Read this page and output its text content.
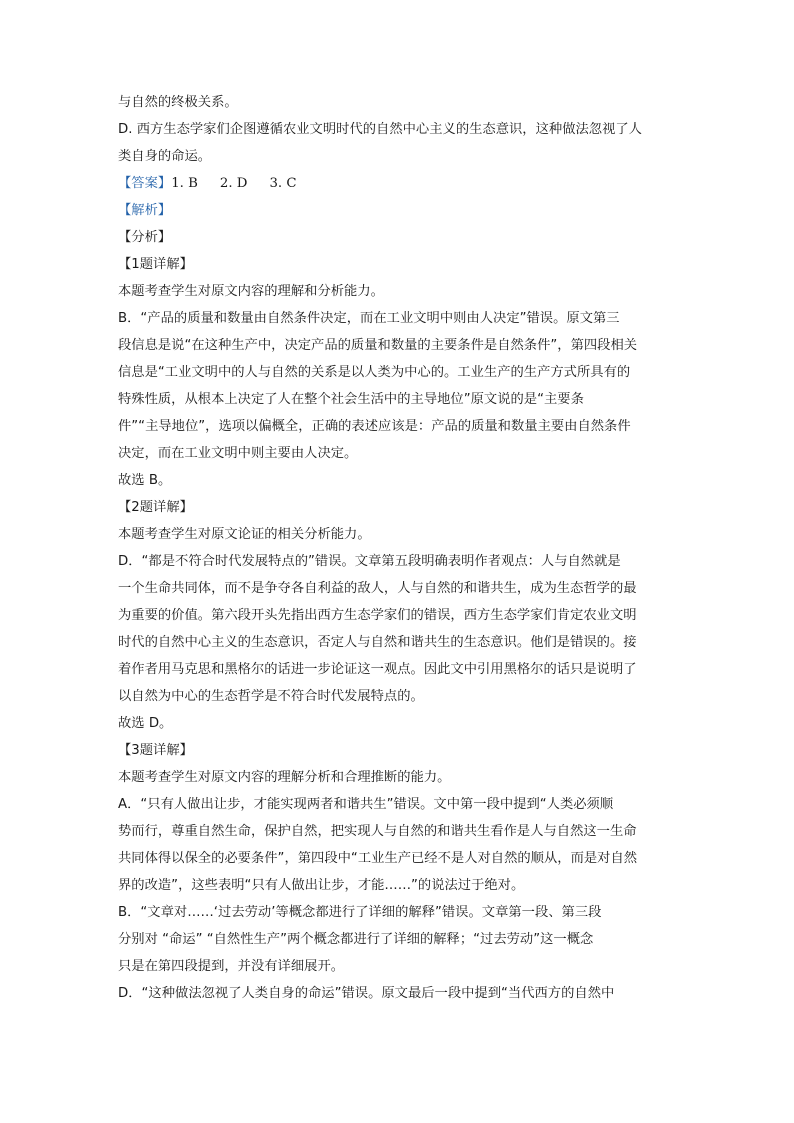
与自然的终极关系。
D. 西方生态学家们企图遵循农业文明时代的自然中心主义的生态意识，这种做法忽视了人
类自身的命运。
【答案】1. B 2. D 3. C
【解析】
【分析】
【1题详解】
本题考查学生对原文内容的理解和分析能力。
B．“产品的质量和数量由自然条件决定，而在工业文明中则由人决定”错误。原文第三
段信息是说“在这种生产中，决定产品的质量和数量的主要条件是自然条件”，第四段相关
信息是“工业文明中的人与自然的关系是以人类为中心的。工业生产的生产方式所具有的
特殊性质，从根本上决定了人在整个社会生活中的主导地位”原文说的是“主要条
件”“主导地位”，选项以偏概全，正确的表述应该是：产品的质量和数量主要由自然条件
决定，而在工业文明中则主要由人决定。
故选 B。
【2题详解】
本题考查学生对原文论证的相关分析能力。
D．“都是不符合时代发展特点的”错误。文章第五段明确表明作者观点：人与自然就是
一个生命共同体，而不是争夺各自利益的敌人，人与自然的和谐共生，成为生态哲学的最
为重要的价值。第六段开头先指出西方生态学家们的错误，西方生态学家们肯定农业文明
时代的自然中心主义的生态意识，否定人与自然和谐共生的生态意识。他们是错误的。接
着作者用马克思和黑格尔的话进一步论证这一观点。因此文中引用黑格尔的话只是说明了
以自然为中心的生态哲学是不符合时代发展特点的。
故选 D。
【3题详解】
本题考查学生对原文内容的理解分析和合理推断的能力。
A．“只有人做出让步，才能实现两者和谐共生”错误。文中第一段中提到“人类必须顺
势而行，尊重自然生命，保护自然，把实现人与自然的和谐共生看作是人与自然这一生命
共同体得以保全的必要条件”，第四段中“工业生产已经不是人对自然的顺从，而是对自然
界的改造”，这些表明“只有人做出让步，才能……”的说法过于绝对。
B．“文章对……‘过去劳动’等概念都进行了详细的解释”错误。文章第一段、第三段
分别对 “命运” “自然性生产”两个概念都进行了详细的解释；“过去劳动”这一概念
只是在第四段提到，并没有详细展开。
D．“这种做法忽视了人类自身的命运”错误。原文最后一段中提到“当代西方的自然中
